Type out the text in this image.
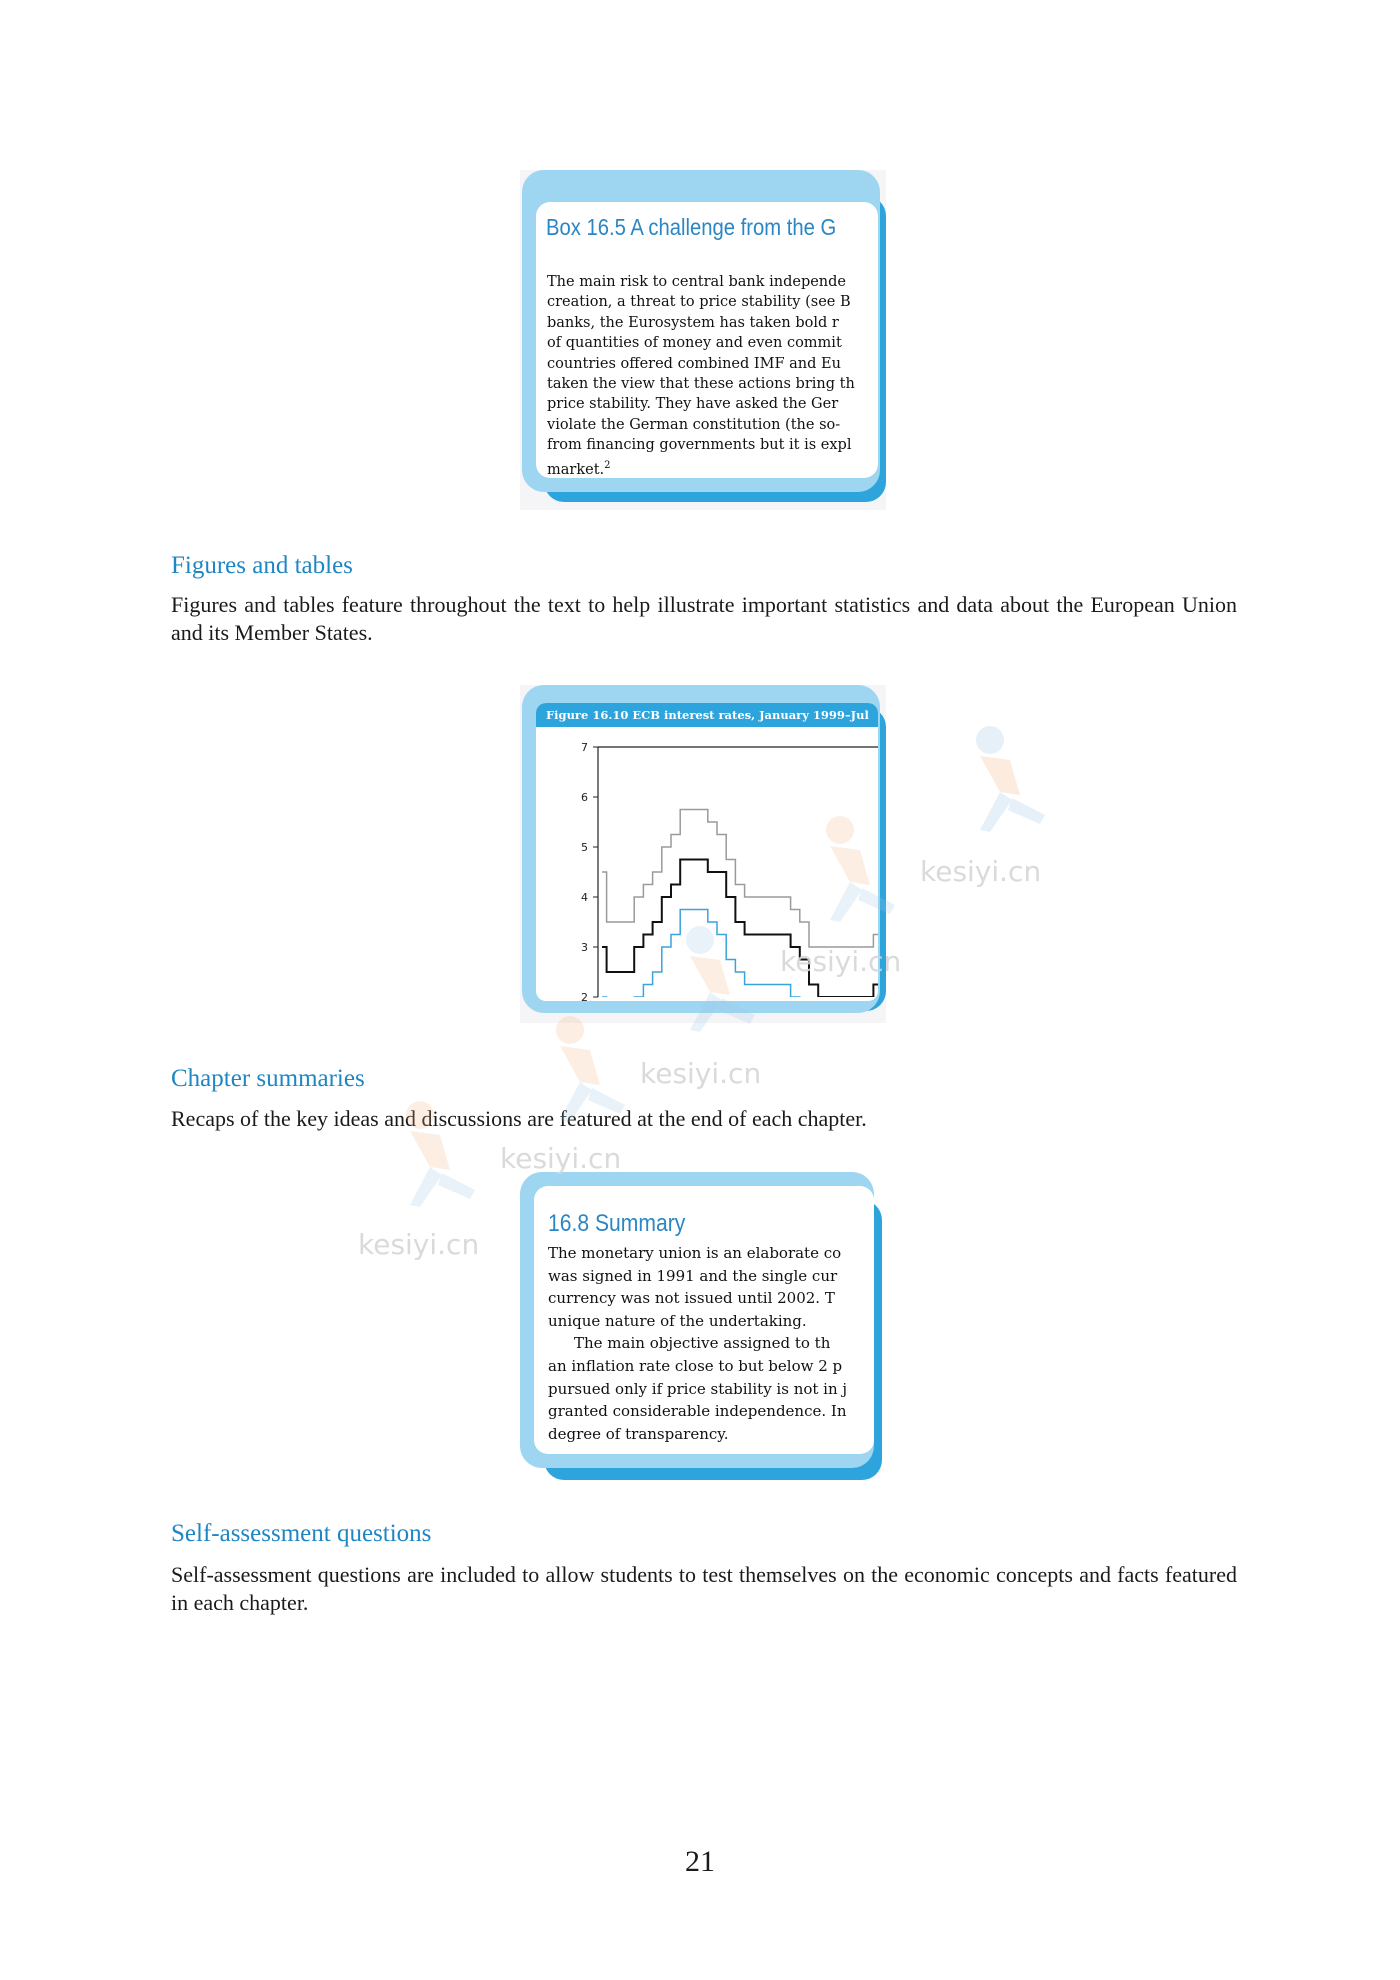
Box 16.5 A challenge from the G
The main risk to central bank independe
creation, a threat to price stability (see B
banks, the Eurosystem has taken bold r
of quantities of money and even commit
countries offered combined IMF and Eu
taken the view that these actions bring th
price stability. They have asked the Ger
violate the German constitution (the so-
from financing governments but it is expl
market.$^2$
Figures and tables

Figures and tables feature throughout the text to help illustrate important statistics and data about the European Union and its Member States.

Figure 16.10 ECB interest rates, January 1999–Jul
2
3
4
5
6
7
Chapter summaries

Recaps of the key ideas and discussions are featured at the end of each chapter.

16.8 Summary
The monetary union is an elaborate co
was signed in 1991 and the single cur
currency was not issued until 2002. T
unique nature of the undertaking.
The main objective assigned to th
an inflation rate close to but below 2 p
pursued only if price stability is not in j
granted considerable independence. In
degree of transparency.
Self-assessment questions

Self-assessment questions are included to allow students to test themselves on the economic concepts and facts featured in each chapter.

kesiyi.cn
kesiyi.cn
kesiyi.cn
kesiyi.cn
kesiyi.cn
21
